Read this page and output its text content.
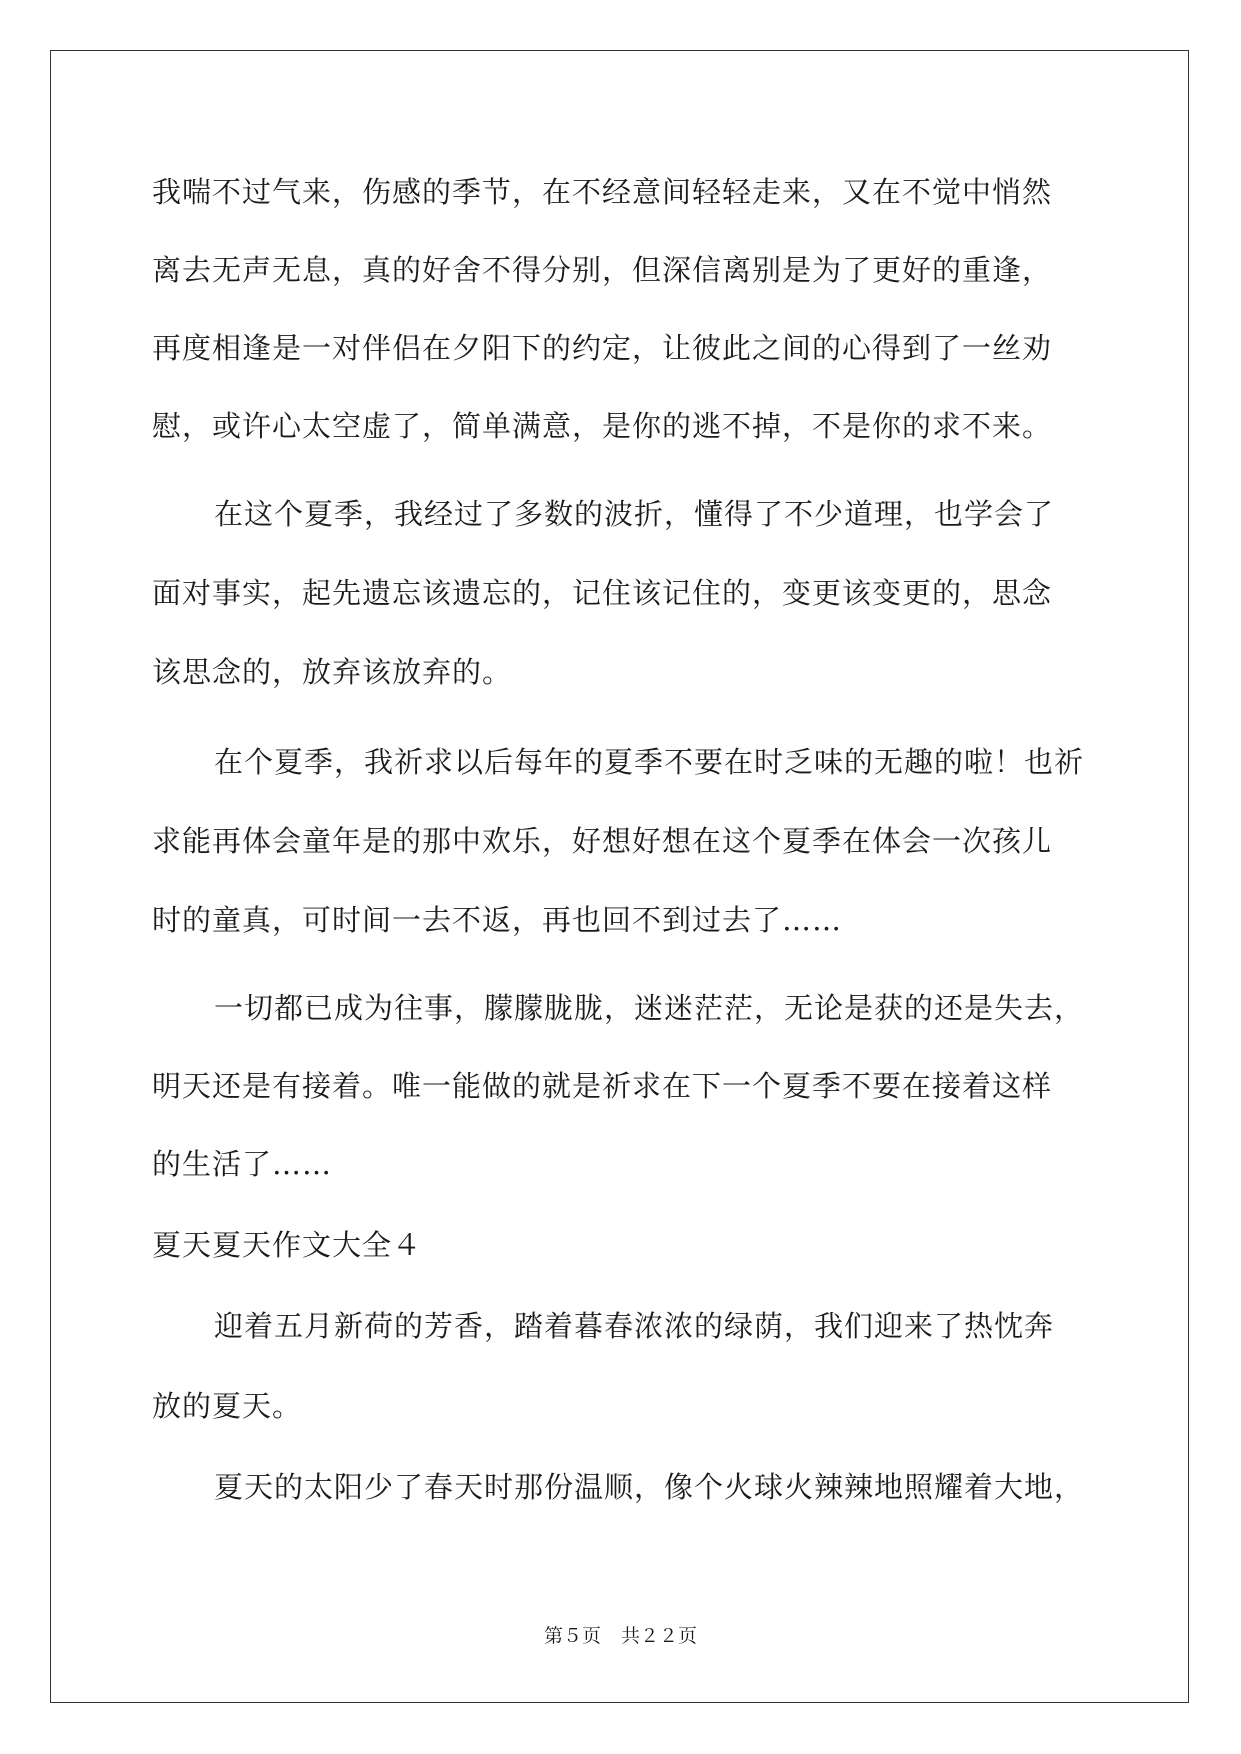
我喘不过气来，伤感的季节，在不经意间轻轻走来，又在不觉中悄然

离去无声无息，真的好舍不得分别，但深信离别是为了更好的重逢，

再度相逢是一对伴侣在夕阳下的约定，让彼此之间的心得到了一丝劝

慰，或许心太空虚了，简单满意，是你的逃不掉，不是你的求不来。

在这个夏季，我经过了多数的波折，懂得了不少道理，也学会了

面对事实，起先遗忘该遗忘的，记住该记住的，变更该变更的，思念

该思念的，放弃该放弃的。

在个夏季，我祈求以后每年的夏季不要在时乏味的无趣的啦！也祈

求能再体会童年是的那中欢乐，好想好想在这个夏季在体会一次孩儿

时的童真，可时间一去不返，再也回不到过去了……

一切都已成为往事，朦朦胧胧，迷迷茫茫，无论是获的还是失去，

明天还是有接着。唯一能做的就是祈求在下一个夏季不要在接着这样

的生活了……

夏天夏天作文大全４

迎着五月新荷的芳香，踏着暮春浓浓的绿荫，我们迎来了热忱奔

放的夏天。

夏天的太阳少了春天时那份温顺，像个火球火辣辣地照耀着大地，

第５页 共２２页
